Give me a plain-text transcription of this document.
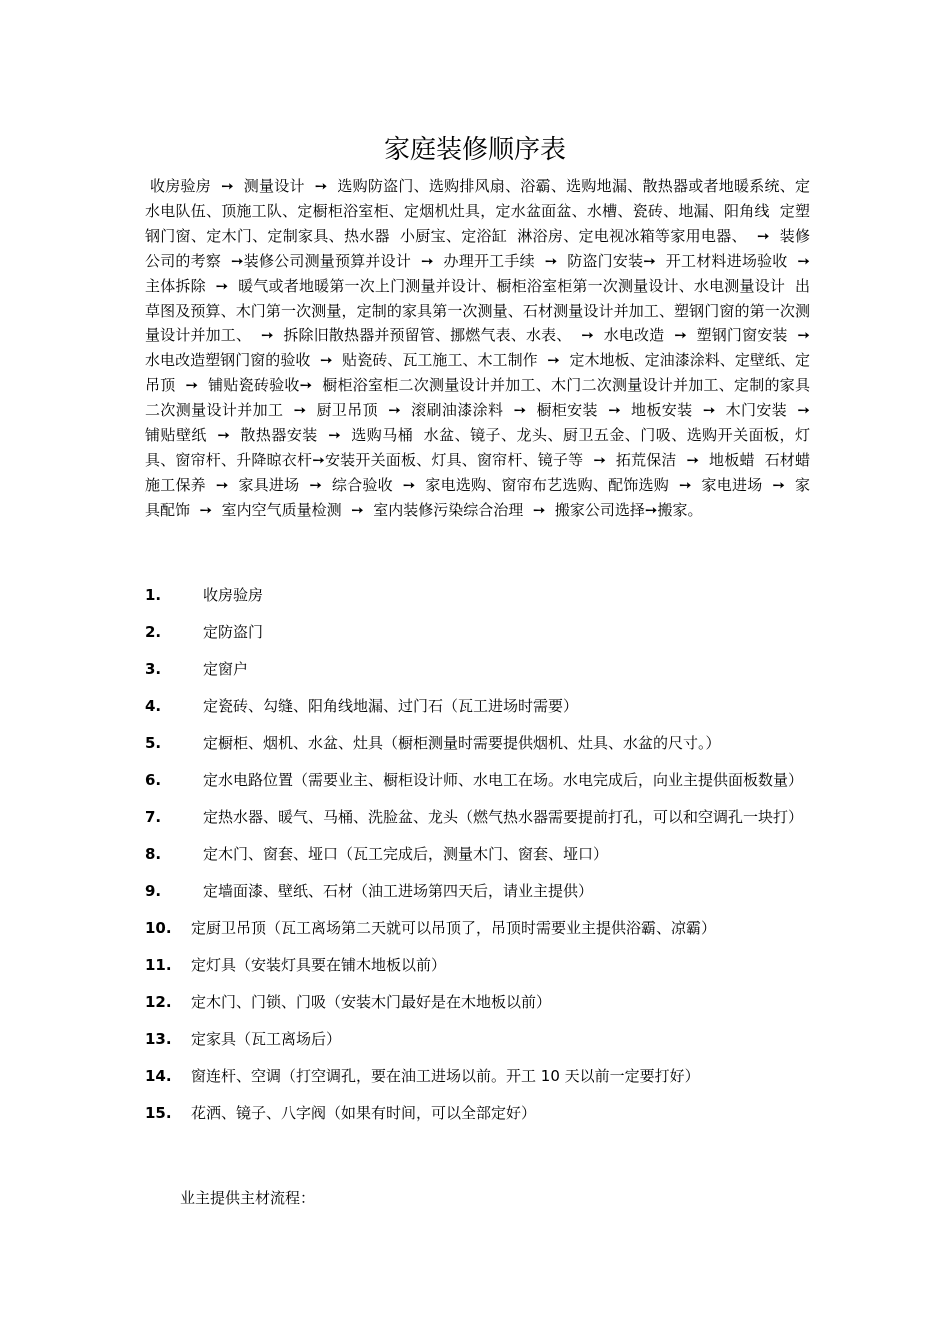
家庭装修顺序表

收房验房  ➙  测量设计  ➙  选购防盗门、选购排风扇、浴霸、选购地漏、散热器或者地暖系统、定水电队伍、顶施工队、定橱柜浴室柜、定烟机灶具，定水盆面盆、水槽、瓷砖、地漏、阳角线  定塑钢门窗、定木门、定制家具、热水器  小厨宝、定浴缸  淋浴房、定电视冰箱等家用电器、  ➙  装修公司的考察  ➙装修公司测量预算并设计  ➙  办理开工手续  ➙  防盗门安装➙  开工材料进场验收  ➙  主体拆除  ➙  暖气或者地暖第一次上门测量并设计、橱柜浴室柜第一次测量设计、水电测量设计  出草图及预算、木门第一次测量，定制的家具第一次测量、石材测量设计并加工、塑钢门窗的第一次测量设计并加工、  ➙  拆除旧散热器并预留管、挪燃气表、水表、  ➙  水电改造  ➙  塑钢门窗安装  ➙  水电改造塑钢门窗的验收  ➙  贴瓷砖、瓦工施工、木工制作  ➙  定木地板、定油漆涂料、定壁纸、定吊顶  ➙  铺贴瓷砖验收➙  橱柜浴室柜二次测量设计并加工、木门二次测量设计并加工、定制的家具二次测量设计并加工  ➙  厨卫吊顶  ➙  滚刷油漆涂料  ➙  橱柜安装  ➙  地板安装  ➙  木门安装  ➙  铺贴壁纸  ➙  散热器安装  ➙  选购马桶  水盆、镜子、龙头、厨卫五金、门吸、选购开关面板，灯具、窗帘杆、升降晾衣杆➙安装开关面板、灯具、窗帘杆、镜子等  ➙  拓荒保洁  ➙  地板蜡  石材蜡施工保养  ➙  家具进场  ➙  综合验收  ➙  家电选购、窗帘布艺选购、配饰选购  ➙  家电进场  ➙  家具配饰  ➙  室内空气质量检测  ➙  室内装修污染综合治理  ➙  搬家公司选择➙搬家。

1.	收房验房
2.	定防盗门
3.	定窗户
4.	定瓷砖、勾缝、阳角线地漏、过门石（瓦工进场时需要）
5.	定橱柜、烟机、水盆、灶具（橱柜测量时需要提供烟机、灶具、水盆的尺寸。）
6.	定水电路位置（需要业主、橱柜设计师、水电工在场。水电完成后，向业主提供面板数量）
7.	定热水器、暖气、马桶、洗脸盆、龙头（燃气热水器需要提前打孔，可以和空调孔一块打）
8.	定木门、窗套、垭口（瓦工完成后，测量木门、窗套、垭口）
9.	定墙面漆、壁纸、石材（油工进场第四天后，请业主提供）
10. 定厨卫吊顶（瓦工离场第二天就可以吊顶了，吊顶时需要业主提供浴霸、凉霸）
11. 定灯具（安装灯具要在铺木地板以前）
12. 定木门、门锁、门吸（安装木门最好是在木地板以前）
13. 定家具（瓦工离场后）
14. 窗连杆、空调（打空调孔，要在油工进场以前。开工 10 天以前一定要打好）
15. 花洒、镜子、八字阀（如果有时间，可以全部定好）
业主提供主材流程：
